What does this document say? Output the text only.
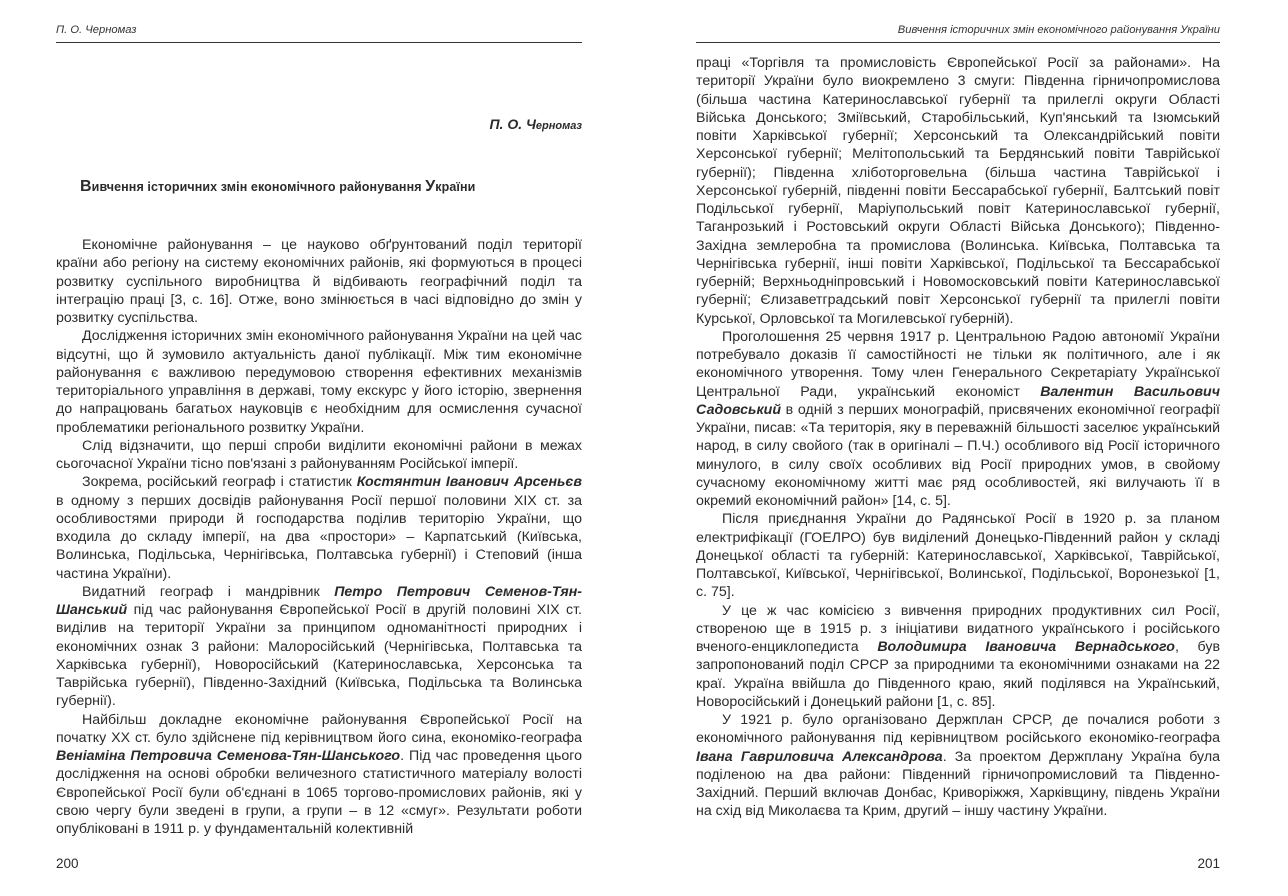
П. О. Черномаз
П. О. Черномаз
Вивчення історичних змін економічного районування України

Економічне районування – це науково обґрунтований поділ території країни або регіону на систему економічних районів, які формуються в процесі розвитку суспільного виробництва й відбивають географічний поділ та інтеграцію праці [3, с. 16]. Отже, воно змінюється в часі відповідно до змін у розвитку суспільства.

Дослідження історичних змін економічного районування України на цей час відсутні, що й зумовило актуальність даної публікації. Між тим економічне районування є важливою передумовою створення ефективних механізмів територіального управління в державі, тому екскурс у його історію, звернення до напрацювань багатьох науковців є необхідним для осмислення сучасної проблематики регіонального розвитку України.

Слід відзначити, що перші спроби виділити економічні райони в межах сьогочасної України тісно пов'язані з районуванням Російської імперії.

Зокрема, російський географ і статистик Костянтин Іванович Арсеньєв в одному з перших досвідів районування Росії першої половини XIX ст. за особливостями природи й господарства поділив територію України, що входила до складу імперії, на два «простори» – Карпатський (Київська, Волинська, Подільська, Чернігівська, Полтавська губернії) і Степовий (інша частина України).

Видатний географ і мандрівник Петро Петрович Семенов-Тян-Шанський під час районування Європейської Росії в другій половині XIX ст. виділив на території України за принципом одноманітності природних і економічних ознак 3 райони: Малоросійський (Чернігівська, Полтавська та Харківська губернії), Новоросійський (Катеринославська, Херсонська та Таврійська губернії), Південно-Західний (Київська, Подільська та Волинська губернії).

Найбільш докладне економічне районування Європейської Росії на початку XX ст. було здійснене під керівництвом його сина, економіко-географа Веніаміна Петровича Семенова-Тян-Шанського. Під час проведення цього дослідження на основі обробки величезного статистичного матеріалу волості Європейської Росії були об'єднані в 1065 торгово-промислових районів, які у свою чергу були зведені в групи, а групи – в 12 «смуг». Результати роботи опубліковані в 1911 р. у фундаментальній колективній

200
Вивчення історичних змін економічного районування України

праці «Торгівля та промисловість Європейської Росії за районами». На території України було виокремлено 3 смуги: Південна гірничопромислова (більша частина Катеринославської губернії та прилеглі округи Області Війська Донського; Зміївський, Старобільський, Куп'янський та Ізюмський повіти Харківської губернії; Херсонський та Олександрійський повіти Херсонської губернії; Мелітопольський та Бердянський повіти Таврійської губернії); Південна хліботорговельна (більша частина Таврійської і Херсонської губерній, південні повіти Бессарабської губернії, Балтський повіт Подільської губернії, Маріупольський повіт Катеринославської губернії, Таганрозький і Ростовський округи Області Війська Донського); Південно-Західна землеробна та промислова (Волинська. Київська, Полтавська та Чернігівська губернії, інші повіти Харківської, Подільської та Бессарабської губерній; Верхньодніпровський і Новомосковський повіти Катеринославської губернії; Єлизаветградський повіт Херсонської губернії та прилеглі повіти Курської, Орловської та Могилевської губерній).

Проголошення 25 червня 1917 р. Центральною Радою автономії України потребувало доказів її самостійності не тільки як політичного, але і як економічного утворення. Тому член Генерального Секретаріату Української Центральної Ради, український економіст Валентин Васильович Садовський в одній з перших монографій, присвячених економічної географії України, писав: «Та територія, яку в переважній більшості заселює український народ, в силу свойого (так в оригіналі – П.Ч.) особливого від Росії історичного минулого, в силу своїх особливих від Росії природних умов, в свойому сучасному економічному житті має ряд особливостей, які вилучають її в окремий економічний район» [14, с. 5].

Після приєднання України до Радянської Росії в 1920 р. за планом електрифікації (ГОЕЛРО) був виділений Донецько-Південний район у складі Донецької області та губерній: Катеринославської, Харківської, Таврійської, Полтавської, Київської, Чернігівської, Волинської, Подільської, Воронезької [1, с. 75].

У це ж час комісією з вивчення природних продуктивних сил Росії, створеною ще в 1915 р. з ініціативи видатного українського і російського вченого-енциклопедиста Володимира Івановича Вернадського, був запропонований поділ СРСР за природними та економічними ознаками на 22 краї. Україна ввійшла до Південного краю, який поділявся на Український, Новоросійський і Донецький райони [1, с. 85].

У 1921 р. було організовано Держплан СРСР, де почалися роботи з економічного районування під керівництвом російського економіко-географа Івана Гавриловича Александрова. За проектом Держплану Україна була поділеною на два райони: Південний гірничопромисловий та Південно-Західний. Перший включав Донбас, Криворіжжя, Харківщину, південь України на схід від Миколаєва та Крим, другий – іншу частину України.

201
